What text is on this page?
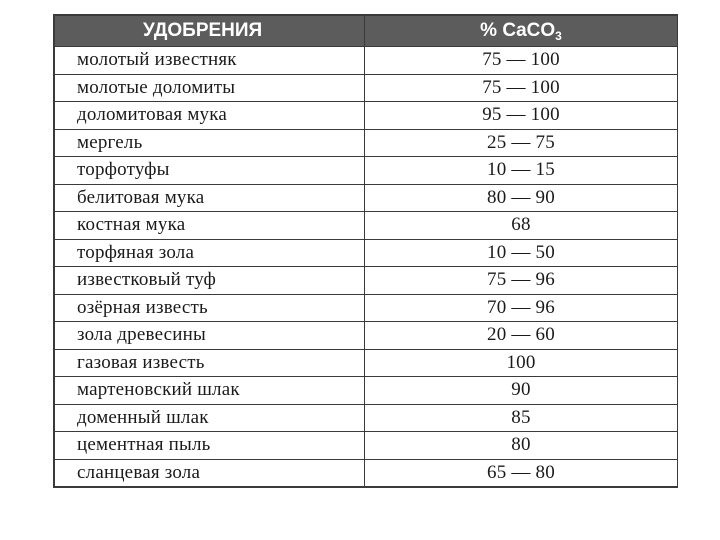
УДОБРЕНИЯ	% CaCO$_3$
молотый известняк	75 — 100
молотые доломиты	75 — 100
доломитовая мука	95 — 100
мергель	25 — 75
торфотуфы	10 — 15
белитовая мука	80 — 90
костная мука	68
торфяная зола	10 — 50
известковый туф	75 — 96
озёрная известь	70 — 96
зола древесины	20 — 60
газовая известь	100
мартеновский шлак	90
доменный шлак	85
цементная пыль	80
сланцевая зола	65 — 80
